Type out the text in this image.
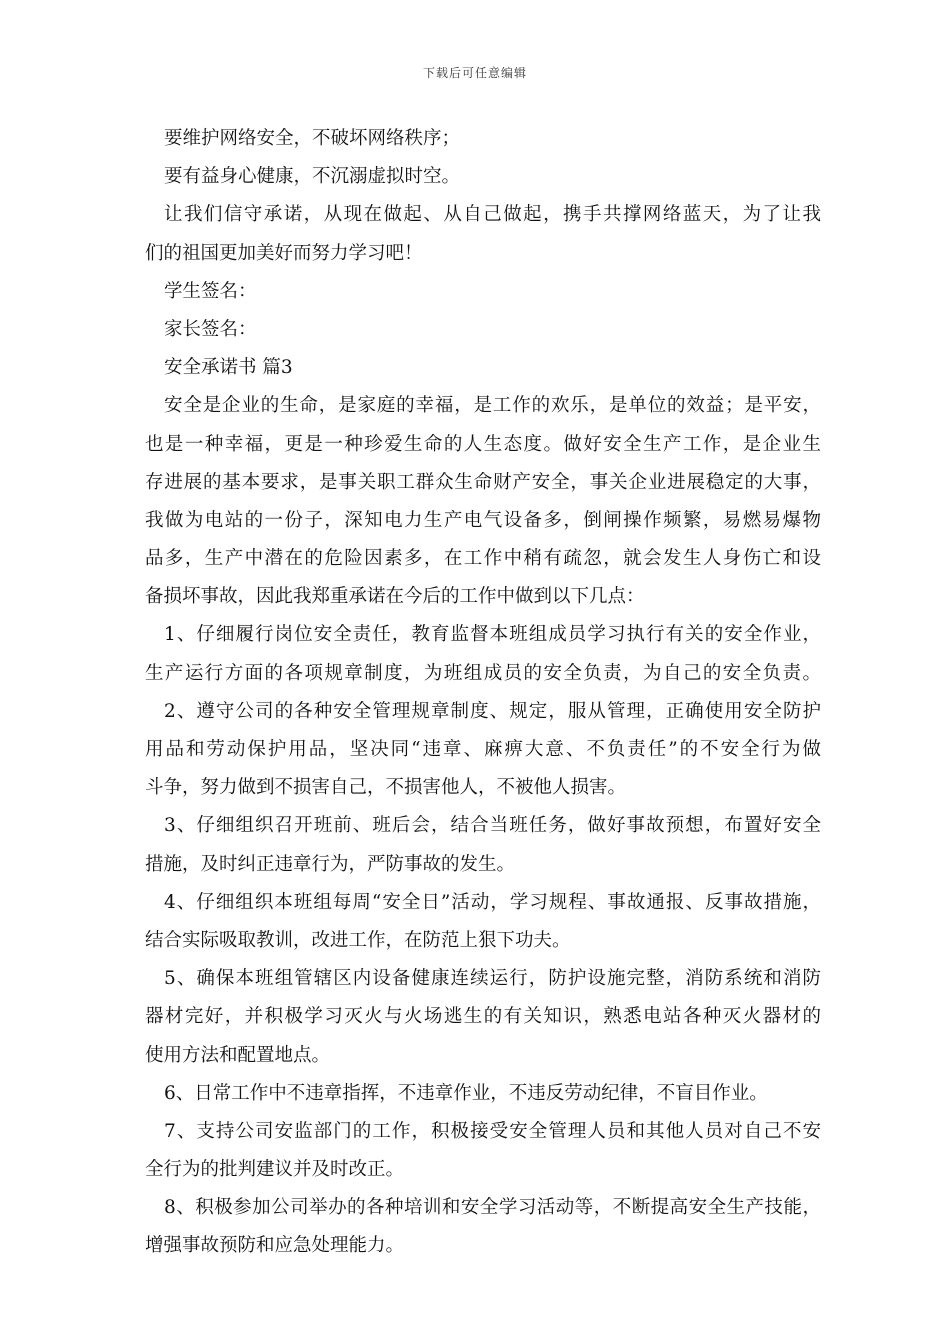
下载后可任意编辑
要维护网络安全，不破坏网络秩序；
要有益身心健康，不沉溺虚拟时空。
让我们信守承诺，从现在做起、从自己做起，携手共撑网络蓝天，为了让我
们的祖国更加美好而努力学习吧！
学生签名：
家长签名：
安全承诺书 篇3
安全是企业的生命，是家庭的幸福，是工作的欢乐，是单位的效益；是平安，
也是一种幸福，更是一种珍爱生命的人生态度。做好安全生产工作，是企业生
存进展的基本要求，是事关职工群众生命财产安全，事关企业进展稳定的大事，
我做为电站的一份子，深知电力生产电气设备多，倒闸操作频繁，易燃易爆物
品多，生产中潜在的危险因素多，在工作中稍有疏忽，就会发生人身伤亡和设
备损坏事故，因此我郑重承诺在今后的工作中做到以下几点：
1、仔细履行岗位安全责任，教育监督本班组成员学习执行有关的安全作业，
生产运行方面的各项规章制度，为班组成员的安全负责，为自己的安全负责。
2、遵守公司的各种安全管理规章制度、规定，服从管理，正确使用安全防护
用品和劳动保护用品，坚决同“违章、麻痹大意、不负责任”的不安全行为做
斗争，努力做到不损害自己，不损害他人，不被他人损害。
3、仔细组织召开班前、班后会，结合当班任务，做好事故预想，布置好安全
措施，及时纠正违章行为，严防事故的发生。
4、仔细组织本班组每周“安全日”活动，学习规程、事故通报、反事故措施，
结合实际吸取教训，改进工作，在防范上狠下功夫。
5、确保本班组管辖区内设备健康连续运行，防护设施完整，消防系统和消防
器材完好，并积极学习灭火与火场逃生的有关知识，熟悉电站各种灭火器材的
使用方法和配置地点。
6、日常工作中不违章指挥，不违章作业，不违反劳动纪律，不盲目作业。
7、支持公司安监部门的工作，积极接受安全管理人员和其他人员对自己不安
全行为的批判建议并及时改正。
8、积极参加公司举办的各种培训和安全学习活动等，不断提高安全生产技能，
增强事故预防和应急处理能力。
